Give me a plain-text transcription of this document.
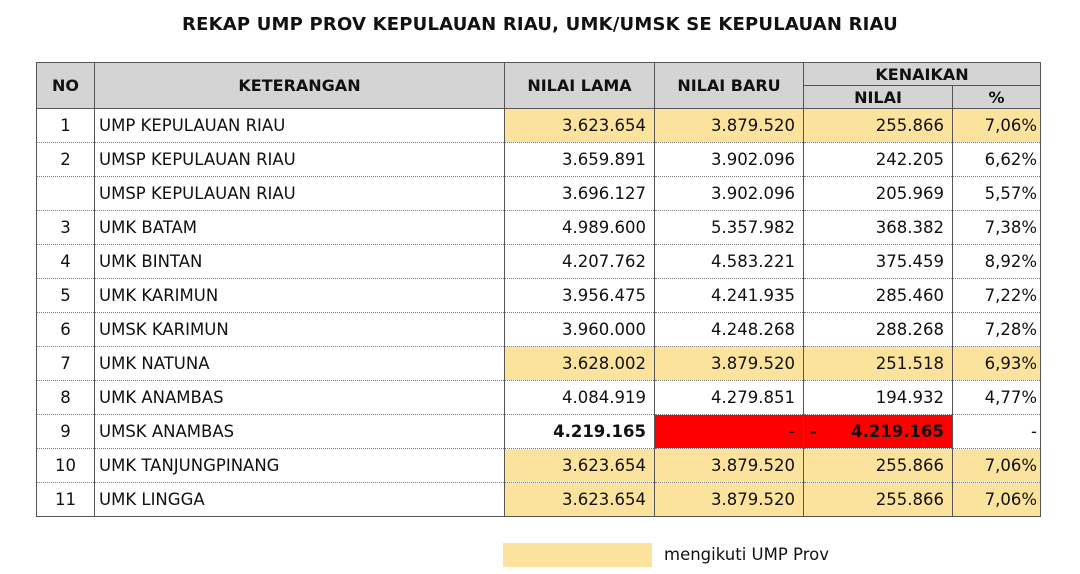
REKAP UMP PROV KEPULAUAN RIAU, UMK/UMSK SE KEPULAUAN RIAU
NO	KETERANGAN	NILAI LAMA	NILAI BARU	KENAIKAN	
				NILAI	%
1	UMP KEPULAUAN RIAU	3.623.654	3.879.520	255.866	7,06%
2	UMSP KEPULAUAN RIAU	3.659.891	3.902.096	242.205	6,62%
	UMSP KEPULAUAN RIAU	3.696.127	3.902.096	205.969	5,57%
3	UMK BATAM	4.989.600	5.357.982	368.382	7,38%
4	UMK BINTAN	4.207.762	4.583.221	375.459	8,92%
5	UMK KARIMUN	3.956.475	4.241.935	285.460	7,22%
6	UMSK KARIMUN	3.960.000	4.248.268	288.268	7,28%
7	UMK NATUNA	3.628.002	3.879.520	251.518	6,93%
8	UMK ANAMBAS	4.084.919	4.279.851	194.932	4,77%
9	UMSK ANAMBAS	4.219.165	-	- 4.219.165	-
10	UMK TANJUNGPINANG	3.623.654	3.879.520	255.866	7,06%
11	UMK LINGGA	3.623.654	3.879.520	255.866	7,06%
mengikuti UMP Prov
